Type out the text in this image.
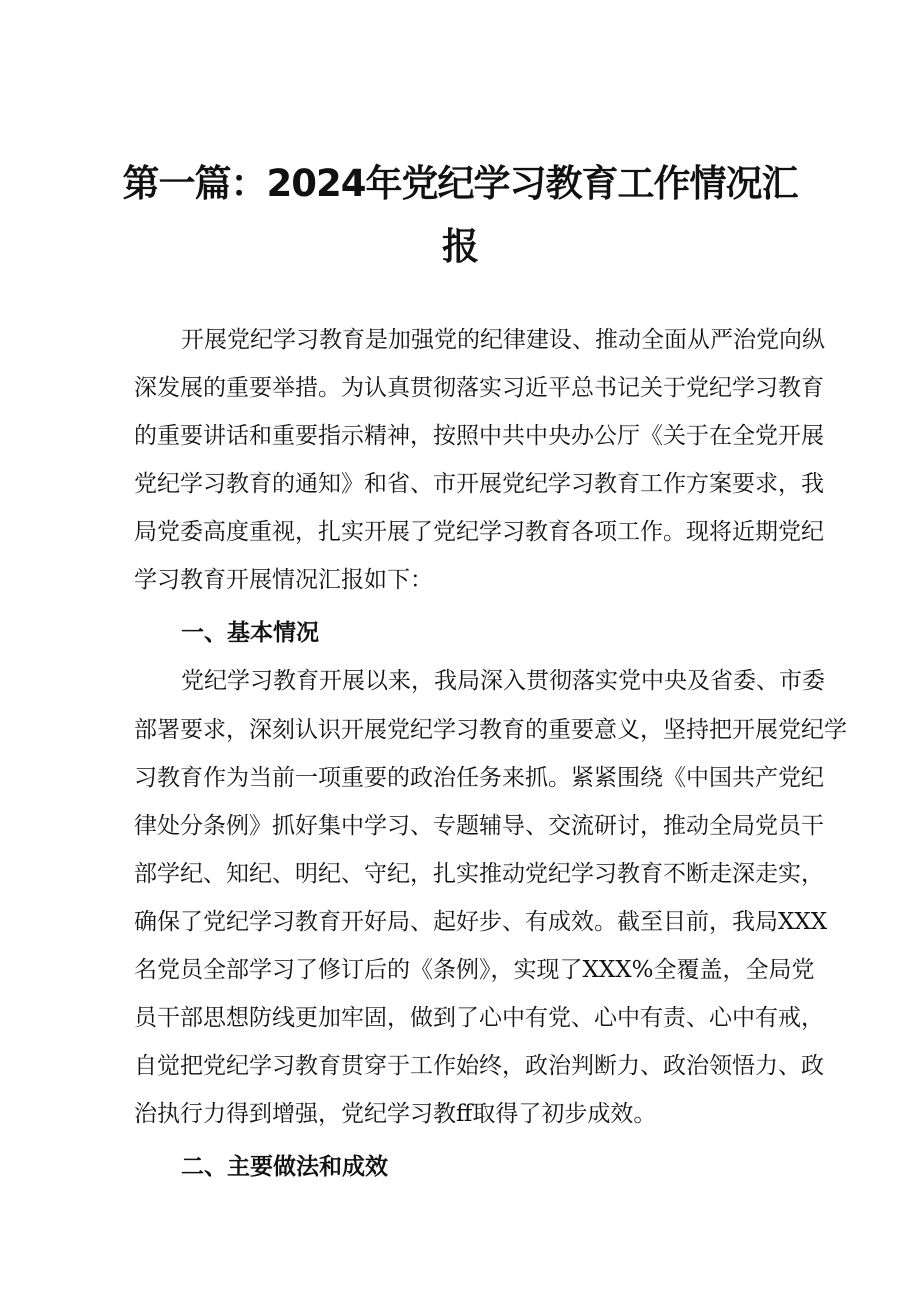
第一篇：2024年党纪学习教育工作情况汇
报
开展党纪学习教育是加强党的纪律建设、推动全面从严治党向纵
深发展的重要举措。为认真贯彻落实习近平总书记关于党纪学习教育
的重要讲话和重要指示精神，按照中共中央办公厅《关于在全党开展
党纪学习教育的通知》和省、市开展党纪学习教育工作方案要求，我
局党委高度重视，扎实开展了党纪学习教育各项工作。现将近期党纪
学习教育开展情况汇报如下：
一、基本情况
党纪学习教育开展以来，我局深入贯彻落实党中央及省委、市委
部署要求，深刻认识开展党纪学习教育的重要意义，坚持把开展党纪学
习教育作为当前一项重要的政治任务来抓。紧紧围绕《中国共产党纪
律处分条例》抓好集中学习、专题辅导、交流研讨，推动全局党员干
部学纪、知纪、明纪、守纪，扎实推动党纪学习教育不断走深走实，
确保了党纪学习教育开好局、起好步、有成效。截至目前，我局XXX
名党员全部学习了修订后的《条例》，实现了XXX%全覆盖，全局党
员干部思想防线更加牢固，做到了心中有党、心中有责、心中有戒，
自觉把党纪学习教育贯穿于工作始终，政治判断力、政治领悟力、政
治执行力得到增强，党纪学习教ff取得了初步成效。
二、主要做法和成效
